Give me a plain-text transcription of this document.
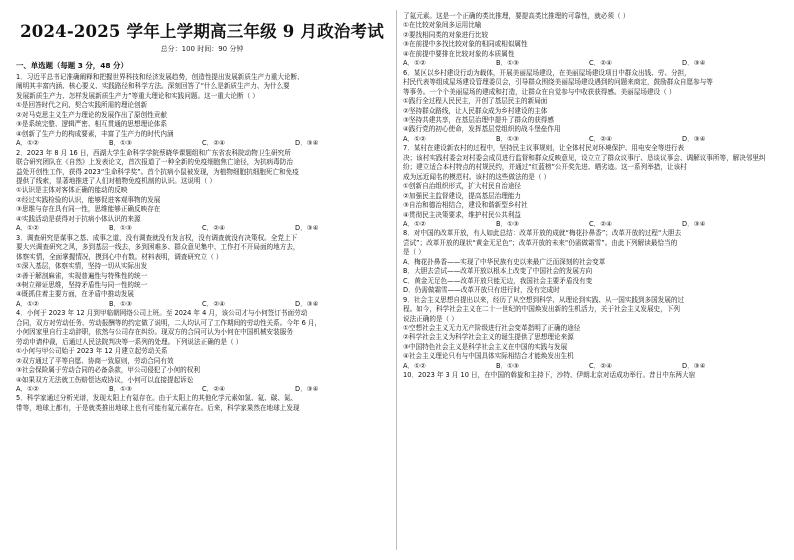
2024-2025 学年上学期高三年级 9 月政治考试
总分：100 时间：90 分钟
一、单选题（每题 3 分，48 分）
1．习近平总书记准确阐释和把握世界科技和经济发展趋势，创造性提出发展新质生产力重大论断、
阐明其丰富内涵、核心要义、实践路径和科学方法。深刻回答了“什么是新质生产力、为什么要
发展新质生产力、怎样发展新质生产力”等重大理论和实践问题。这一重大论断（ ）
①是回答时代之问、契合实践所需的理论创新
②对马克思主义生产力理论的发展作出了原创性贡献
③是系统完整、逻辑严密、相互贯通的思想理论体系
④创新了生产力的构成要素，丰富了生产力的时代内涵
A．①②	B．①③	C．②④	D．③④
2．2023 年 8 月 16 日，西湖大学生命科学学院蔡晓华课题组和广东省农科院动物卫生研究所
联合研究团队在《自然》上发表论文，首次报道了一种全新的免疫细胞焦亡途径，为抗病毒防治
益处开创性工作，获得 2023“生命科学奖”。首个抗病小鼠被发现，为植物细胞抗细胞死亡和免疫
提供了线索，显著地推进了人们对植物免疫机制的认识。这说明（ ）
①认识是主体对客体正确的能动的反映
②经过实践检验的认识，能够促进客观事物的发展
③思维与存在具有同一性，思维能够正确反映存在
④实践活动是获得对于抗病小体认识的来源
A．①②	B．①③	C．②④	D．③④
3．调查研究是谋事之基、成事之道，没有调查就没有发言权，没有调查就没有决策权。全党上下
要大兴调查研究之风，多到基层一线去，多到困难多、群众意见集中、工作打不开局面的地方去，
体察实情，全面掌握情况，摸到心中有数。材料表明，调查研究立（ ）
①深入基层，体察实情，坚持一切从实际出发
②善于解剖麻雀，实现普遍性与特殊性的统一
③树立辩证思维，坚持矛盾性与同一性的统一
④既抓住着主要方面，在矛盾中推动发展
A．①②	B．①③	C．②④	D．③④
4．小何于 2023 年 12 月到甲临朝网络公司上班。至 2024 年 4 月，该公司才与小何签订书面劳动
合同，双方对劳动任务、劳动报酬等的约定做了说明，二人均认可了工作期间的劳动性关系。今年 6 月，
小何因家里自行主动辞职，依然与公司存在纠纷。现双方的合同可认为小何在中国机械安装服务
劳动申请仲裁，后通过人民法院判决等一系列的处理。下列说法正确的是（ ）
①小何与甲公司始于 2023 年 12 月建立起劳动关系
②双方通过了平等自愿、协商一致原则，劳动合同有效
③社会保险属于劳动合同的必备条款，甲公司侵犯了小何的权利
④如果双方无法就工伤赔偿达成协议，小何可以直接提起诉讼
A．①②	B．①③	C．②④	D．③④
5．科学家通过分析光谱，发现太阳上有氦存在。由于太阳上的其他化学元素如氢、氦、碳、氮、
带等，地球上都有，于是就类推出地球上也有可能有氦元素存在。后来，科学家果然在地球上发现
了氦元素。这是一个正确的类比推理，要提高类比推理的可靠性，就必须（ ）
①在比较对象间多运用比喻
②要找相同类的对象进行比较
③在前提中多找比较对象的相同或相似属性
④在前提中要排在比较对象的本质属性
A．①②	B．①③	C．②④	D．③④
6．某区以乡村建设行动为载体，开展美丽屋场建设，在美丽屋场建设项目中群众出钱、劳、分担，
村民代表等组成屋场建设管理委员会，引导群众围绕美丽屋场建设遇到的问题来商定，鼓励群众自愿参与等
等事务。一个个美丽屋场的建成和打造，让群众在自觉参与中收获获得感。美丽屋场建设（ ）
①践行全过程人民民主，开创了基层民主的新局面
②坚持群众路线，让人民群众成为乡村建设的主体
③坚持共建共享，在基层治理中提升了群众的获得感
④践行党的初心使命，发挥基层党组织的战斗堡垒作用
A．①②	B．①③	C．②④	D．③④
7．某村在建设新农村的过程中，坚持民主议事规则，让全体村民对环境保护、用电安全等进行表
决；该村实践村委会对村委会成员进行监督和群众反映意见，设立立了群众议事厅、恳谈议事会、调解议事所等，解决邻里纠
纷；建立适合本村特点的村规民约，并通过“红蓝榜”公开奖先进、晒劣迹。这一系列举措，让该村
成为远近闻名的模范村。该村的这些做法的是（ ）
①创新自治组织形式，扩大村民自治途径
②加强民主监督建设，提高基层治理能力
③自治和德治相结合，建设和谐新型乡村社
④贯彻民主决策要求，维护村民公共利益
A．①②	B．①③	C．②④	D．③④
8．对中国的改革开放，有人如此总结：改革开放的成就“梅花扑鼻香”；改革开放的过程“大胆去
尝试”；改革开放的现状“黄金无足色”；改革开放的未来“仍需做霜雪”。由此下列解读最恰当的
是（ ）
A．梅花扑鼻香——实现了中华民族有史以来最广泛而深刻的社会变革
B．大胆去尝试——改革开放以根本上改变了中国社会的发展方向
C．黄金无足色——改革开放只能无边，我国社会主要矛盾没有变
D．仍需做霜雪——改革开放只有进行时，没有完成时
9．社会主义思想自提出以来，经历了从空想到科学、从理论到实践、从一国实践到多国发展的过
程。如今，科学社会主义在二十一世纪的中国焕发出新的生机活力，关于社会主义发展史，下列
说法正确的是（ ）
①空想社会主义无力无产阶级进行社会变革指明了正确的途径
②科学社会主义为科学社会主义的诞生提供了思想理论来源
③中国特色社会主义是科学社会主义在中国的实践与发展
④社会主义理论只有与中国具体实际相结合才能焕发出生机
A．①②	B．①③	C．②④	D．③④
10．2023 年 3 月 10 日，在中国的斡旋和主持下，沙特、伊朗北京对话成功举行。昔日中东两大宿
